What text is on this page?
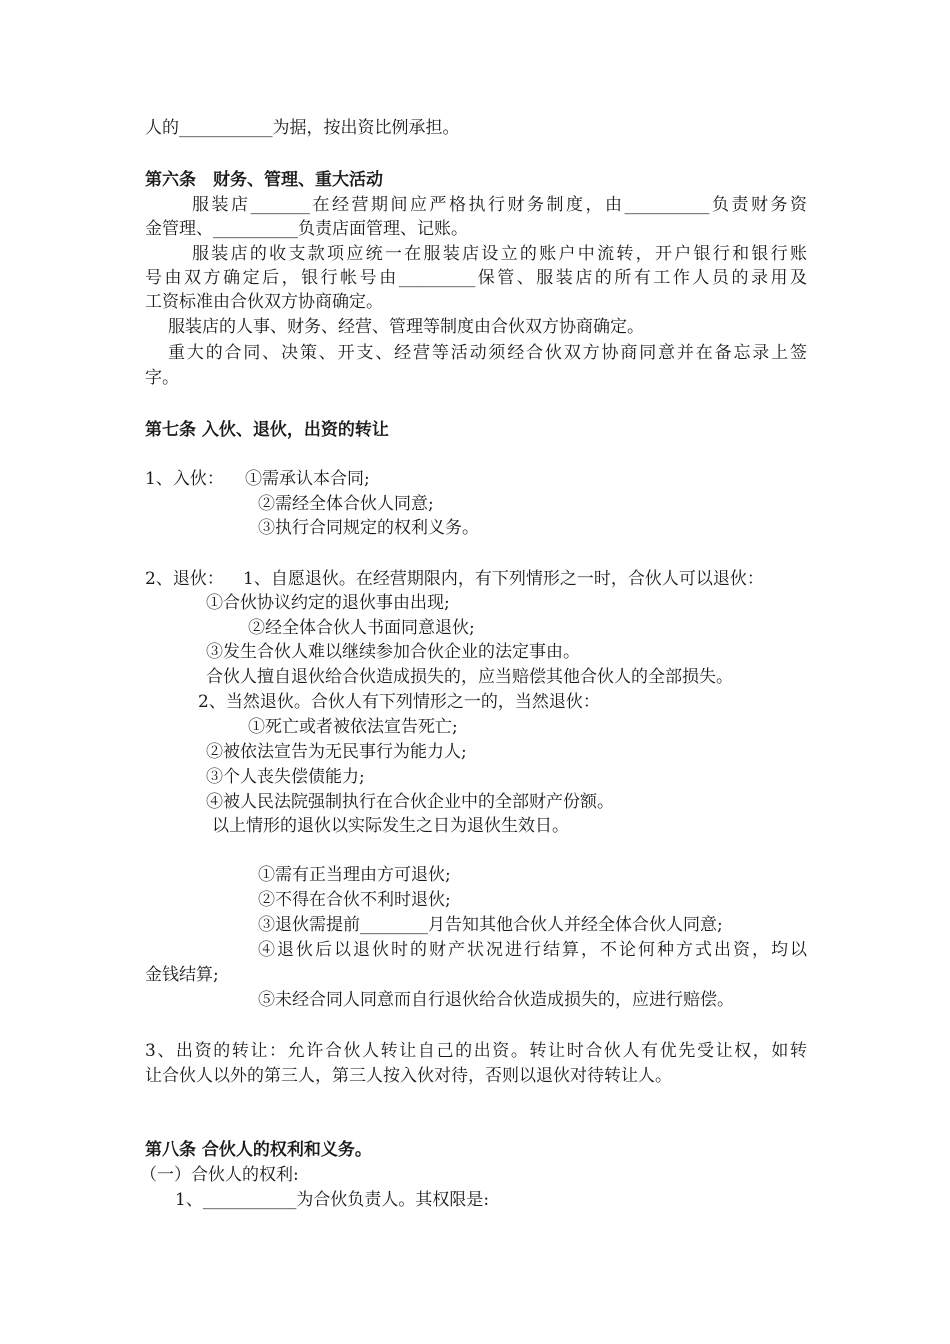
人的___________为据，按出资比例承担。
第六条　财务、管理、重大活动
服装店_______在经营期间应严格执行财务制度，由__________负责财务资
金管理、__________负责店面管理、记账。
服装店的收支款项应统一在服装店设立的账户中流转，开户银行和银行账
号由双方确定后，银行帐号由_________保管、服装店的所有工作人员的录用及
工资标准由合伙双方协商确定。
服装店的人事、财务、经营、管理等制度由合伙双方协商确定。
重大的合同、决策、开支、经营等活动须经合伙双方协商同意并在备忘录上签
字。
第七条 入伙、退伙，出资的转让
1、入伙： ①需承认本合同;
②需经全体合伙人同意;
③执行合同规定的权利义务。
2、退伙： 1、自愿退伙。在经营期限内，有下列情形之一时，合伙人可以退伙：
①合伙协议约定的退伙事由出现;
②经全体合伙人书面同意退伙;
③发生合伙人难以继续参加合伙企业的法定事由。
合伙人擅自退伙给合伙造成损失的，应当赔偿其他合伙人的全部损失。
2、当然退伙。合伙人有下列情形之一的，当然退伙：
①死亡或者被依法宣告死亡;
②被依法宣告为无民事行为能力人;
③个人丧失偿债能力;
④被人民法院强制执行在合伙企业中的全部财产份额。
以上情形的退伙以实际发生之日为退伙生效日。
①需有正当理由方可退伙;
②不得在合伙不利时退伙;
③退伙需提前________月告知其他合伙人并经全体合伙人同意;
④退伙后以退伙时的财产状况进行结算，不论何种方式出资，均以
金钱结算;
⑤未经合同人同意而自行退伙给合伙造成损失的，应进行赔偿。
3、出资的转让：允许合伙人转让自己的出资。转让时合伙人有优先受让权，如转
让合伙人以外的第三人，第三人按入伙对待，否则以退伙对待转让人。
第八条 合伙人的权利和义务。
（一）合伙人的权利:
1、___________为合伙负责人。其权限是:
